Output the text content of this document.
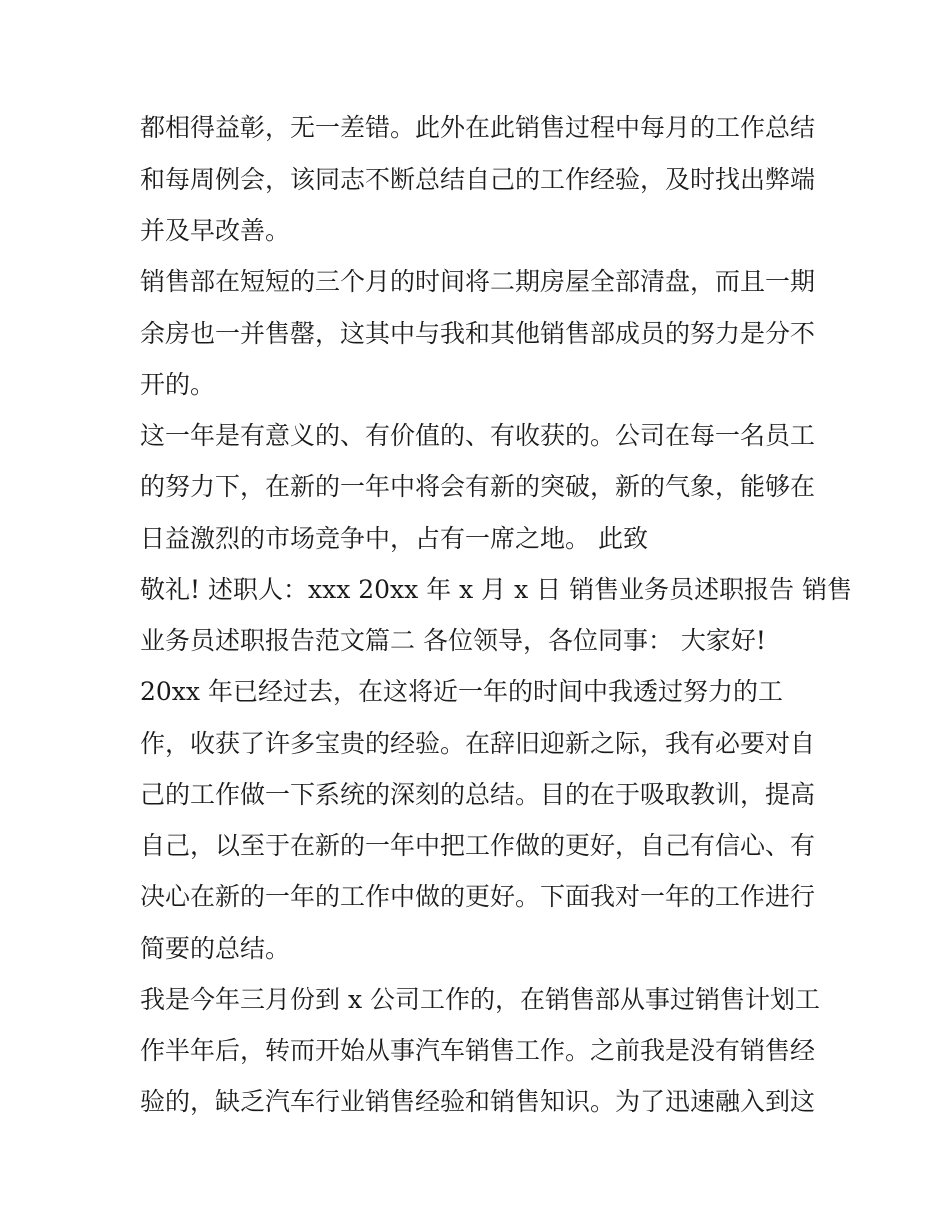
都相得益彰，无一差错。此外在此销售过程中每月的工作总结

和每周例会，该同志不断总结自己的工作经验，及时找出弊端

并及早改善。

销售部在短短的三个月的时间将二期房屋全部清盘，而且一期

余房也一并售罄，这其中与我和其他销售部成员的努力是分不

开的。

这一年是有意义的、有价值的、有收获的。公司在每一名员工

的努力下，在新的一年中将会有新的突破，新的气象，能够在

日益激烈的市场竞争中，占有一席之地。 此致

敬礼! 述职人：xxx 20xx 年 x 月 x 日 销售业务员述职报告 销售

业务员述职报告范文篇二 各位领导，各位同事： 大家好!

20xx 年已经过去，在这将近一年的时间中我透过努力的工

作，收获了许多宝贵的经验。在辞旧迎新之际，我有必要对自

己的工作做一下系统的深刻的总结。目的在于吸取教训，提高

自己，以至于在新的一年中把工作做的更好，自己有信心、有

决心在新的一年的工作中做的更好。下面我对一年的工作进行

简要的总结。

我是今年三月份到 x 公司工作的，在销售部从事过销售计划工

作半年后，转而开始从事汽车销售工作。之前我是没有销售经

验的，缺乏汽车行业销售经验和销售知识。为了迅速融入到这
